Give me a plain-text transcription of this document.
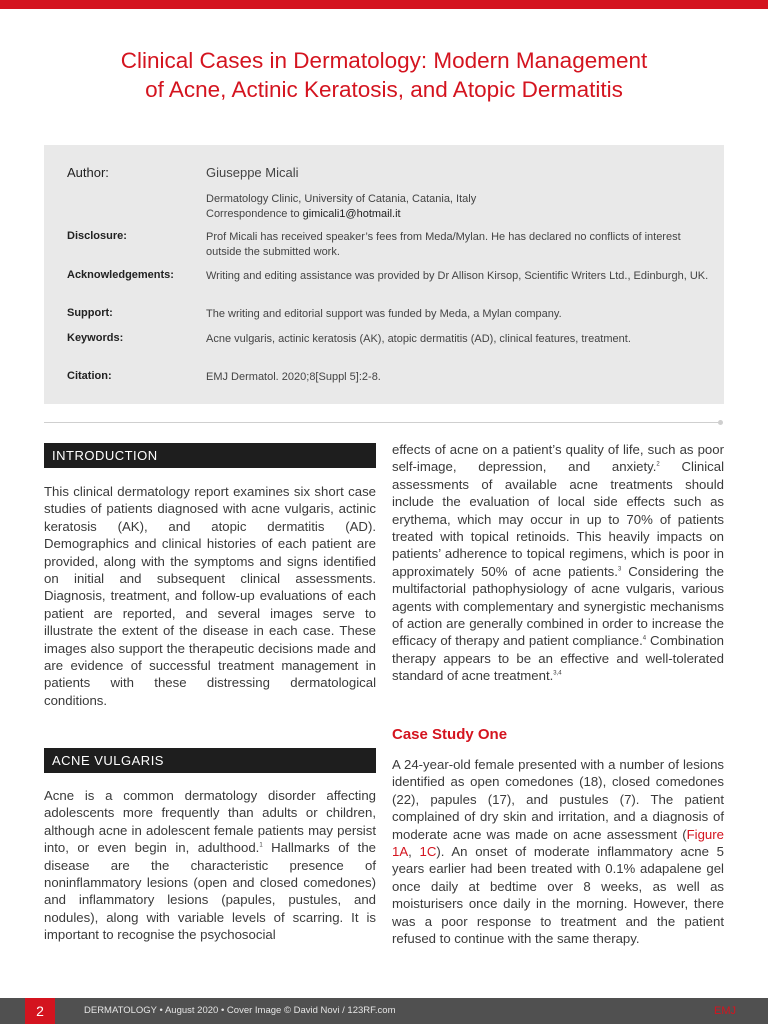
Clinical Cases in Dermatology: Modern Management
of Acne, Actinic Keratosis, and Atopic Dermatitis
Author:	Giuseppe Micali
Dermatology Clinic, University of Catania, Catania, Italy
Correspondence to gimicali1@hotmail.it
Disclosure:	Prof Micali has received speaker’s fees from Meda/Mylan. He has declared no conflicts of interest outside the submitted work.
Acknowledgements:	Writing and editing assistance was provided by Dr Allison Kirsop, Scientific Writers Ltd., Edinburgh, UK.
Support:	The writing and editorial support was funded by Meda, a Mylan company.
Keywords:	Acne vulgaris, actinic keratosis (AK), atopic dermatitis (AD), clinical features, treatment.
Citation:	EMJ Dermatol. 2020;8[Suppl 5]:2-8.
INTRODUCTION

This clinical dermatology report examines six short case studies of patients diagnosed with acne vulgaris, actinic keratosis (AK), and atopic dermatitis (AD). Demographics and clinical histories of each patient are provided, along with the symptoms and signs identified on initial and subsequent clinical assessments. Diagnosis, treatment, and follow-up evaluations of each patient are reported, and several images serve to illustrate the extent of the disease in each case. These images also support the therapeutic decisions made and are evidence of successful treatment management in patients with these distressing dermatological conditions.

ACNE VULGARIS

Acne is a common dermatology disorder affecting adolescents more frequently than adults or children, although acne in adolescent female patients may persist into, or even begin in, adulthood.$^1$ Hallmarks of the disease are the characteristic presence of noninflammatory lesions (open and closed comedones) and inflammatory lesions (papules, pustules, and nodules), along with variable levels of scarring. It is important to recognise the psychosocial

effects of acne on a patient’s quality of life, such as poor self-image, depression, and anxiety.$^2$ Clinical assessments of available acne treatments should include the evaluation of local side effects such as erythema, which may occur in up to 70% of patients treated with topical retinoids. This heavily impacts on patients’ adherence to topical regimens, which is poor in approximately 50% of acne patients.$^3$ Considering the multifactorial pathophysiology of acne vulgaris, various agents with complementary and synergistic mechanisms of action are generally combined in order to increase the efficacy of therapy and patient compliance.$^4$ Combination therapy appears to be an effective and well-tolerated standard of acne treatment.$^{3,4}$

Case Study One

A 24-year-old female presented with a number of lesions identified as open comedones (18), closed comedones (22), papules (17), and pustules (7). The patient complained of dry skin and irritation, and a diagnosis of moderate acne was made on acne assessment (Figure 1A, 1C). An onset of moderate inflammatory acne 5 years earlier had been treated with 0.1% adapalene gel once daily at bedtime over 8 weeks, as well as moisturisers once daily in the morning. However, there was a poor response to treatment and the patient refused to continue with the same therapy.

2	DERMATOLOGY • August 2020 • Cover Image © David Novi / 123RF.com	EMJ
